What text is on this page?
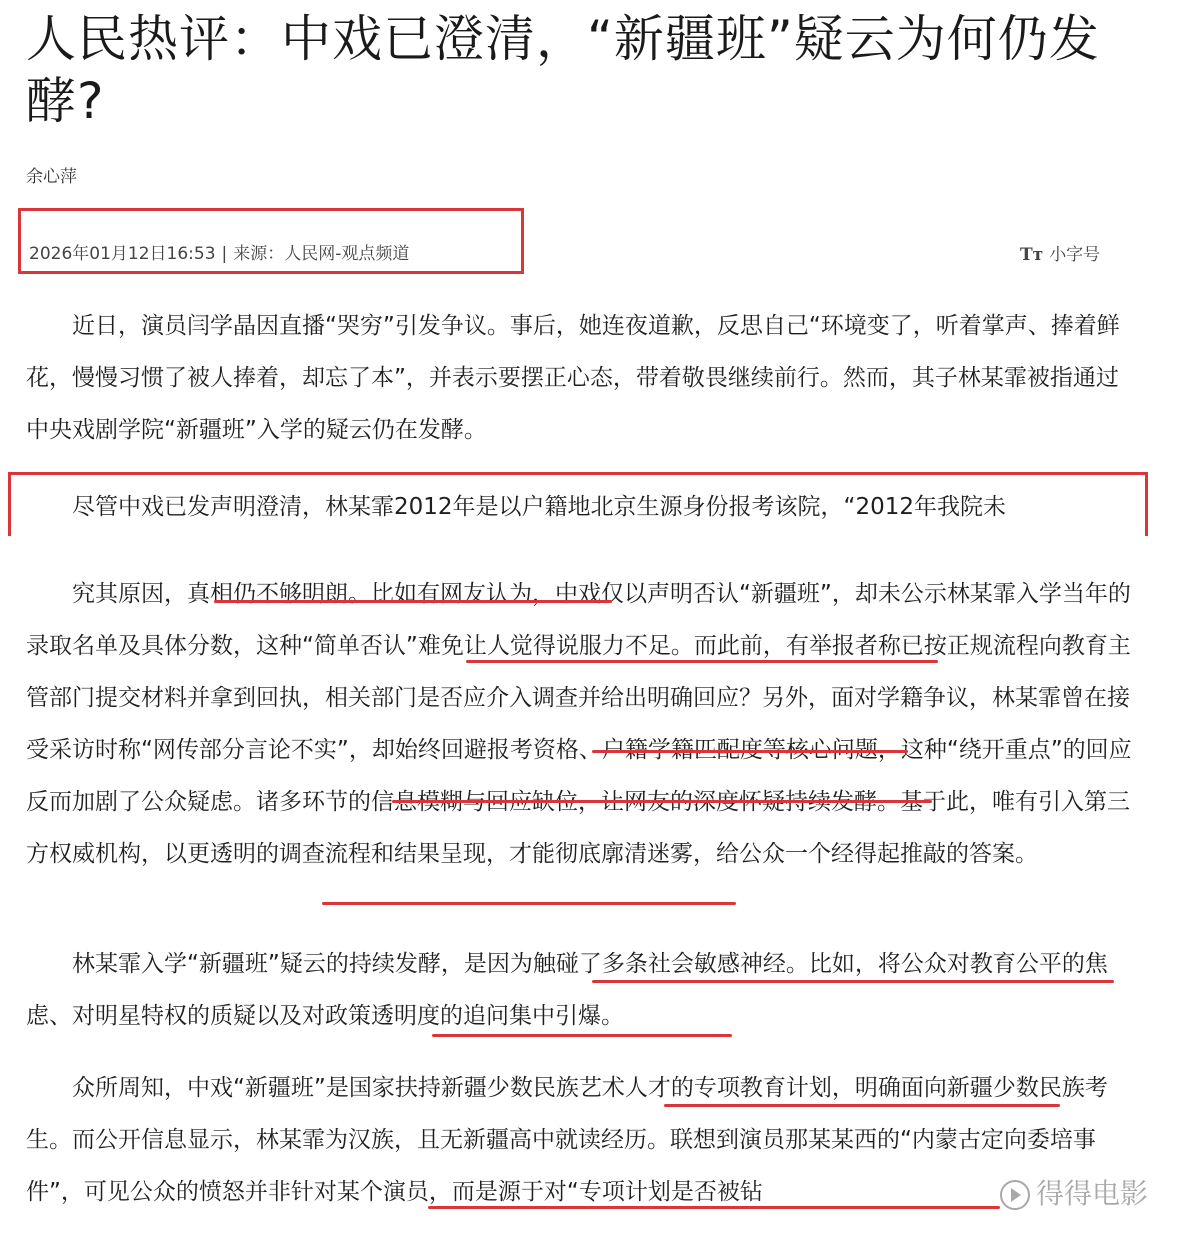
人民热评：中戏已澄清，“新疆班”疑云为何仍发酵?
余心萍
2026年01月12日16:53 | 来源：人民网-观点频道	Tт 小字号

近日，演员闫学晶因直播“哭穷”引发争议。事后，她连夜道歉，反思自己“环境变了，听着掌声、捧着鲜花，慢慢习惯了被人捧着，却忘了本”，并表示要摆正心态，带着敬畏继续前行。然而，其子林某霏被指通过中央戏剧学院“新疆班”入学的疑云仍在发酵。

尽管中戏已发声明澄清，林某霏2012年是以户籍地北京生源身份报考该院，“2012年我院未

究其原因，真相仍不够明朗。比如有网友认为，中戏仅以声明否认“新疆班”，却未公示林某霏入学当年的录取名单及具体分数，这种“简单否认”难免让人觉得说服力不足。而此前，有举报者称已按正规流程向教育主管部门提交材料并拿到回执，相关部门是否应介入调查并给出明确回应？另外，面对学籍争议，林某霏曾在接受采访时称“网传部分言论不实”，却始终回避报考资格、户籍学籍匹配度等核心问题，这种“绕开重点”的回应反而加剧了公众疑虑。诸多环节的信息模糊与回应缺位，让网友的深度怀疑持续发酵。基于此，唯有引入第三方权威机构，以更透明的调查流程和结果呈现，才能彻底廓清迷雾，给公众一个经得起推敲的答案。

林某霏入学“新疆班”疑云的持续发酵，是因为触碰了多条社会敏感神经。比如，将公众对教育公平的焦虑、对明星特权的质疑以及对政策透明度的追问集中引爆。

众所周知，中戏“新疆班”是国家扶持新疆少数民族艺术人才的专项教育计划，明确面向新疆少数民族考生。而公开信息显示，林某霏为汉族，且无新疆高中就读经历。联想到演员那某某西的“内蒙古定向委培事件”，可见公众的愤怒并非针对某个演员，而是源于对“专项计划是否被钻	得得电影
